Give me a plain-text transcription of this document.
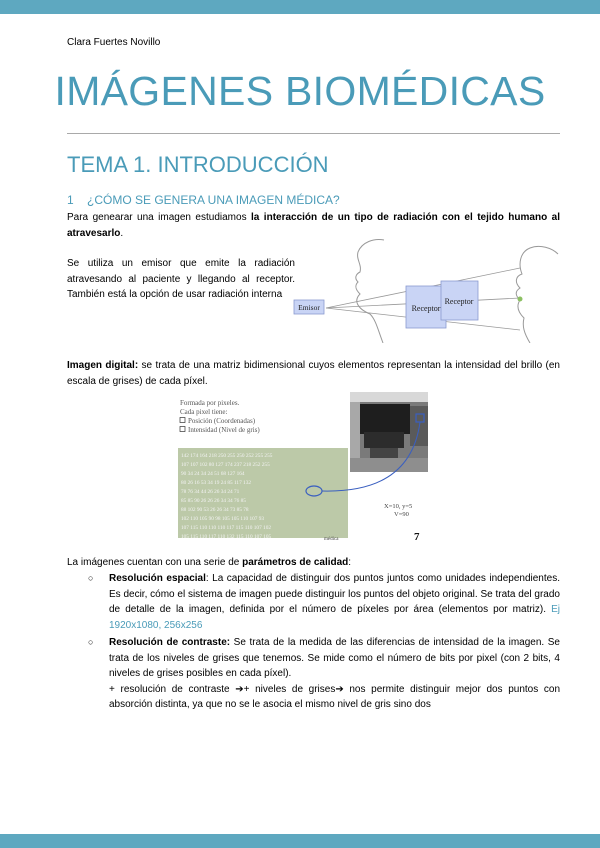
Clara Fuertes Novillo
IMÁGENES BIOMÉDICAS
TEMA 1. INTRODUCCIÓN
1 ¿CÓMO SE GENERA UNA IMAGEN MÉDICA?

Para genearar una imagen estudiamos la interacción de un tipo de radiación con el tejido humano al atravesarlo.

Se utiliza un emisor que emite la radiación atravesando al paciente y llegando al receptor. También está la opción de usar radiación interna

Receptor
Receptor
Emisor

Imagen digital: se trata de una matriz bidimensional cuyos elementos representan la intensidad del brillo (en escala de grises) de cada píxel.

Formada por pixeles.
Cada pixel tiene:
Posición (Coordenadas)
Intensidad (Nivel de gris)
142 174 164 218 250 255 250 252 255 255
107 107 102 80 127 174 237 218 252 255
90 34 24 34 24 51 68 127 164
80 26 16 53 34 19 24 85 117 132
78 76 34 44 26 26 34 24 71
85 85 90 26 26 26 34 34 76 85
88 102 90 53 26 26 34 73 85 78
102 110 105 90 98 105 105 110 107 93
107 115 110 110 110 117 115 110 107 102
105 115 110 117 110 132 115 110 107 105
X=10, y=5
V=90
médica	7

La imágenes cuentan con una serie de parámetros de calidad:

○ Resolución espacial: La capacidad de distinguir dos puntos juntos como unidades independientes. Es decir, cómo el sistema de imagen puede distinguir los puntos del objeto original. Se trata del grado de detalle de la imagen, definida por el número de píxeles por área (elementos por matriz). Ej 1920x1080, 256x256
○ Resolución de contraste: Se trata de la medida de las diferencias de intensidad de la imagen. Se trata de los niveles de grises que tenemos. Se mide como el número de bits por pixel (con 2 bits, 4 niveles de grises posibles en cada píxel).
+ resolución de contraste ➔+ niveles de grises➔ nos permite distinguir mejor dos puntos con absorción distinta, ya que no se le asocia el mismo nivel de gris sino dos
